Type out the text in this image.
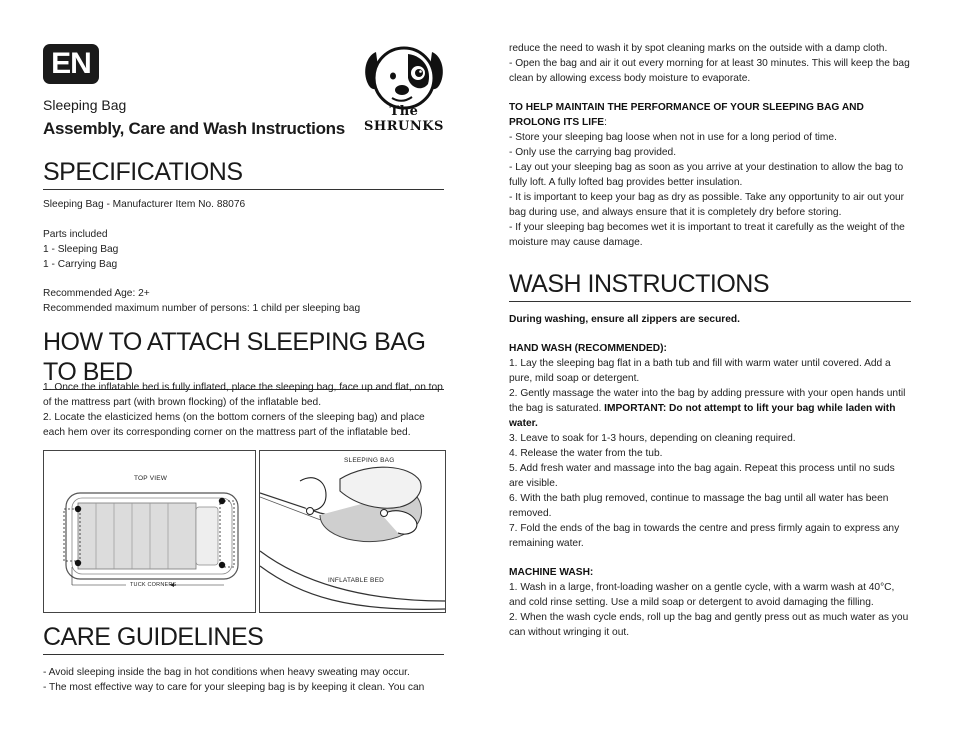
EN
Sleeping Bag
Assembly, Care and Wash Instructions
The SHRUNKS
SPECIFICATIONS

Sleeping Bag - Manufacturer Item No. 88076

Parts included

1 - Sleeping Bag

1 - Carrying Bag

Recommended Age: 2+

Recommended maximum number of persons: 1 child per sleeping bag

HOW TO ATTACH SLEEPING BAG TO BED

1. Once the inflatable bed is fully inflated, place the sleeping bag, face up and flat, on top of the mattress part (with brown flocking) of the inflatable bed.

2. Locate the elasticized hems (on the bottom corners of the sleeping bag) and place each hem over its corresponding corner on the mattress part of the inflatable bed.

TOP VIEW
TUCK CORNERS
SLEEPING BAG
INFLATABLE BED
CARE GUIDELINES

- Avoid sleeping inside the bag in hot conditions when heavy sweating may occur.

- The most effective way to care for your sleeping bag is by keeping it clean. You can

reduce the need to wash it by spot cleaning marks on the outside with a damp cloth.

- Open the bag and air it out every morning for at least 30 minutes. This will keep the bag clean by allowing excess body moisture to evaporate.

TO HELP MAINTAIN THE PERFORMANCE OF YOUR SLEEPING BAG AND PROLONG ITS LIFE:

- Store your sleeping bag loose when not in use for a long period of time.

- Only use the carrying bag provided.

- Lay out your sleeping bag as soon as you arrive at your destination to allow the bag to fully loft. A fully lofted bag provides better insulation.

- It is important to keep your bag as dry as possible. Take any opportunity to air out your bag during use, and always ensure that it is completely dry before storing.

- If your sleeping bag becomes wet it is important to treat it carefully as the weight of the moisture may cause damage.

WASH INSTRUCTIONS

During washing, ensure all zippers are secured.

HAND WASH (RECOMMENDED):

1. Lay the sleeping bag flat in a bath tub and fill with warm water until covered. Add a pure, mild soap or detergent.

2. Gently massage the water into the bag by adding pressure with your open hands until the bag is saturated. IMPORTANT: Do not attempt to lift your bag while laden with water.

3. Leave to soak for 1-3 hours, depending on cleaning required.

4. Release the water from the tub.

5. Add fresh water and massage into the bag again. Repeat this process until no suds are visible.

6. With the bath plug removed, continue to massage the bag until all water has been removed.

7. Fold the ends of the bag in towards the centre and press firmly again to express any remaining water.

MACHINE WASH:

1. Wash in a large, front-loading washer on a gentle cycle, with a warm wash at 40°C, and cold rinse setting. Use a mild soap or detergent to avoid damaging the filling.

2. When the wash cycle ends, roll up the bag and gently press out as much water as you can without wringing it out.
